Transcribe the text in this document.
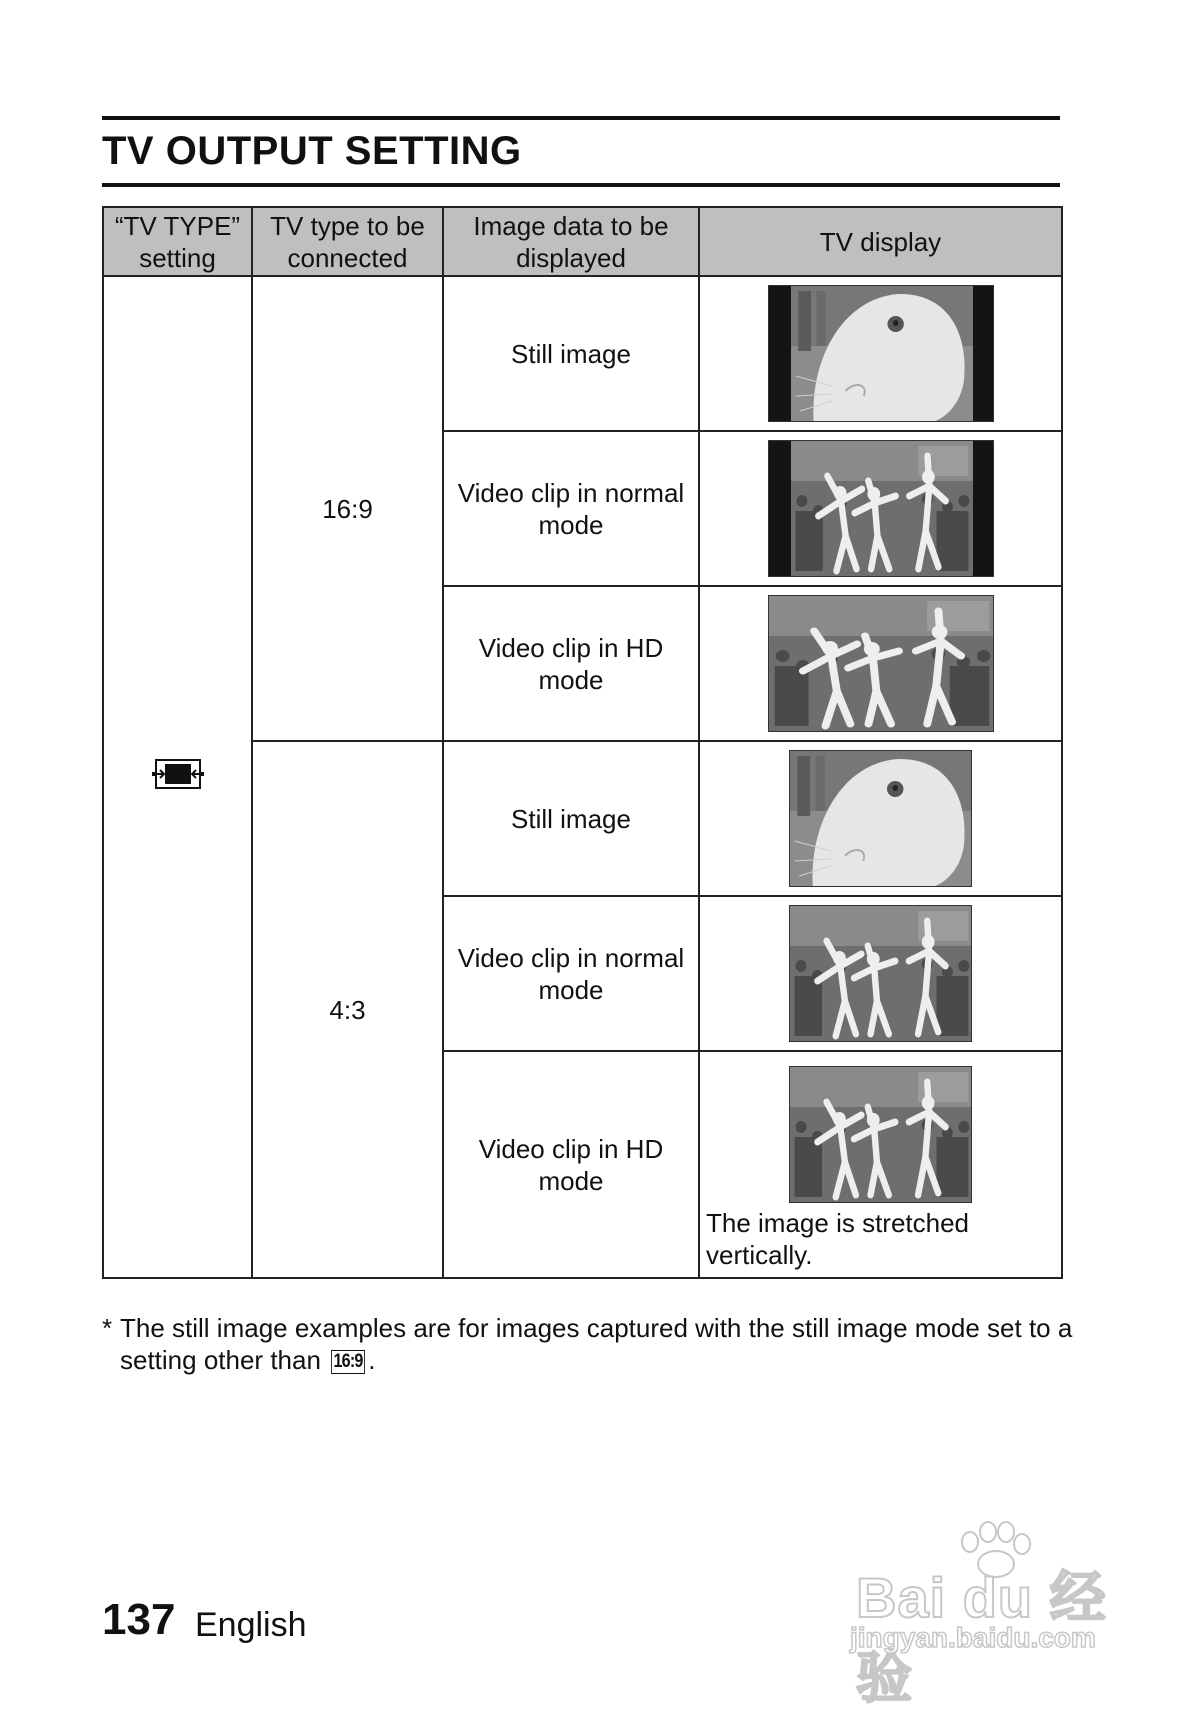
TV OUTPUT SETTING
“TV TYPE” setting	TV type to be connected	Image data to be displayed	TV display
	16:9	Still image	

		Video clip in normal mode	

		Video clip in HD mode	

	4:3	Still image	

		Video clip in normal mode	

		Video clip in HD mode	The image is stretched vertically.
* The still image examples are for images captured with the still image mode set to a setting other than 16:9 .
137 English	Bai du 经验
jingyan.baidu.com
